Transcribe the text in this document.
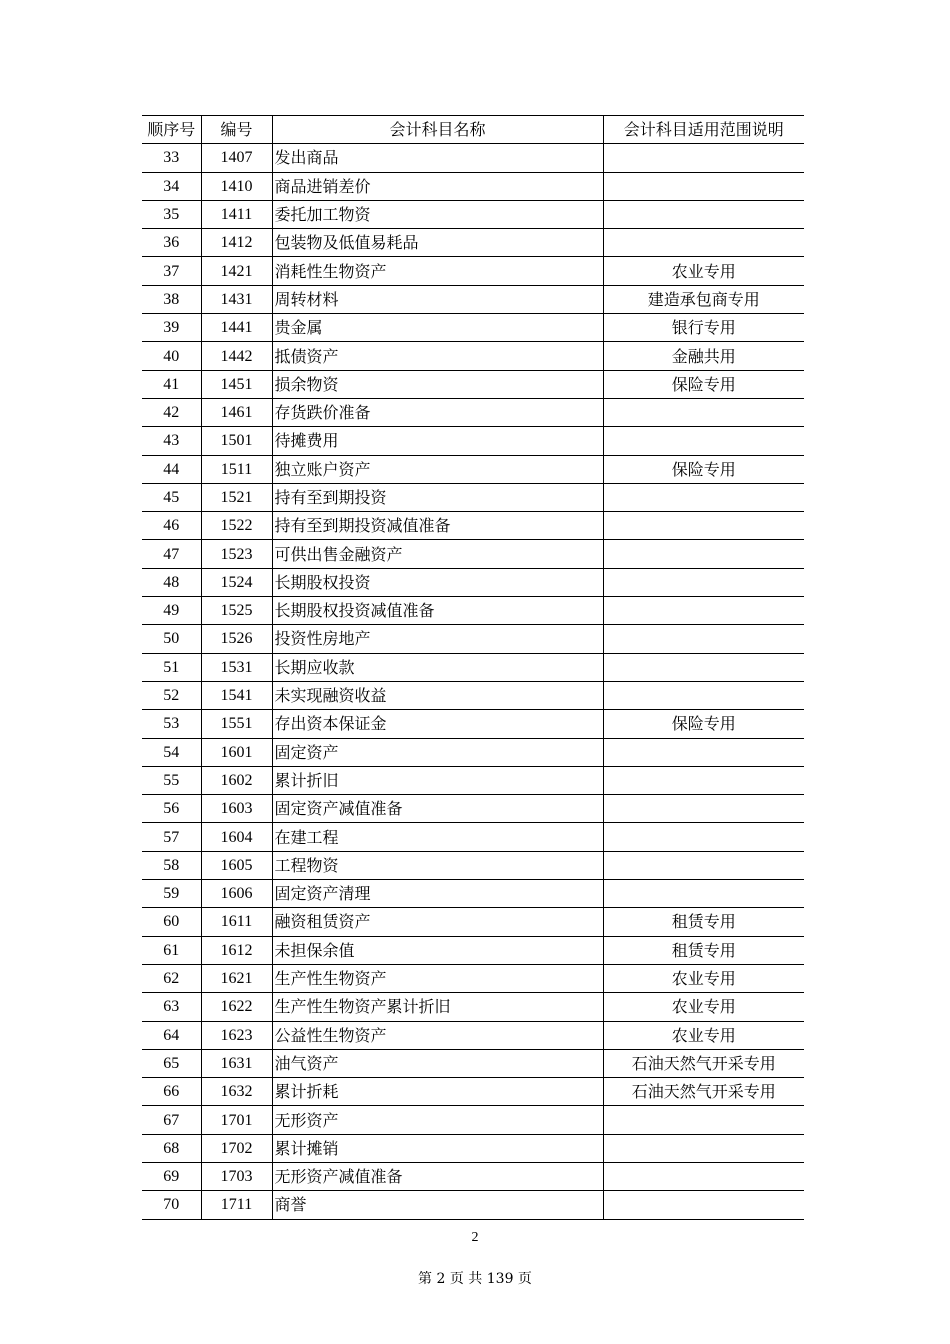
顺序号	编号	会计科目名称	会计科目适用范围说明
33	1407	发出商品	
34	1410	商品进销差价	
35	1411	委托加工物资	
36	1412	包装物及低值易耗品	
37	1421	消耗性生物资产	农业专用
38	1431	周转材料	建造承包商专用
39	1441	贵金属	银行专用
40	1442	抵债资产	金融共用
41	1451	损余物资	保险专用
42	1461	存货跌价准备	
43	1501	待摊费用	
44	1511	独立账户资产	保险专用
45	1521	持有至到期投资	
46	1522	持有至到期投资减值准备	
47	1523	可供出售金融资产	
48	1524	长期股权投资	
49	1525	长期股权投资减值准备	
50	1526	投资性房地产	
51	1531	长期应收款	
52	1541	未实现融资收益	
53	1551	存出资本保证金	保险专用
54	1601	固定资产	
55	1602	累计折旧	
56	1603	固定资产减值准备	
57	1604	在建工程	
58	1605	工程物资	
59	1606	固定资产清理	
60	1611	融资租赁资产	租赁专用
61	1612	未担保余值	租赁专用
62	1621	生产性生物资产	农业专用
63	1622	生产性生物资产累计折旧	农业专用
64	1623	公益性生物资产	农业专用
65	1631	油气资产	石油天然气开采专用
66	1632	累计折耗	石油天然气开采专用
67	1701	无形资产	
68	1702	累计摊销	
69	1703	无形资产减值准备	
70	1711	商誉	
2
第 2 页 共 139 页
